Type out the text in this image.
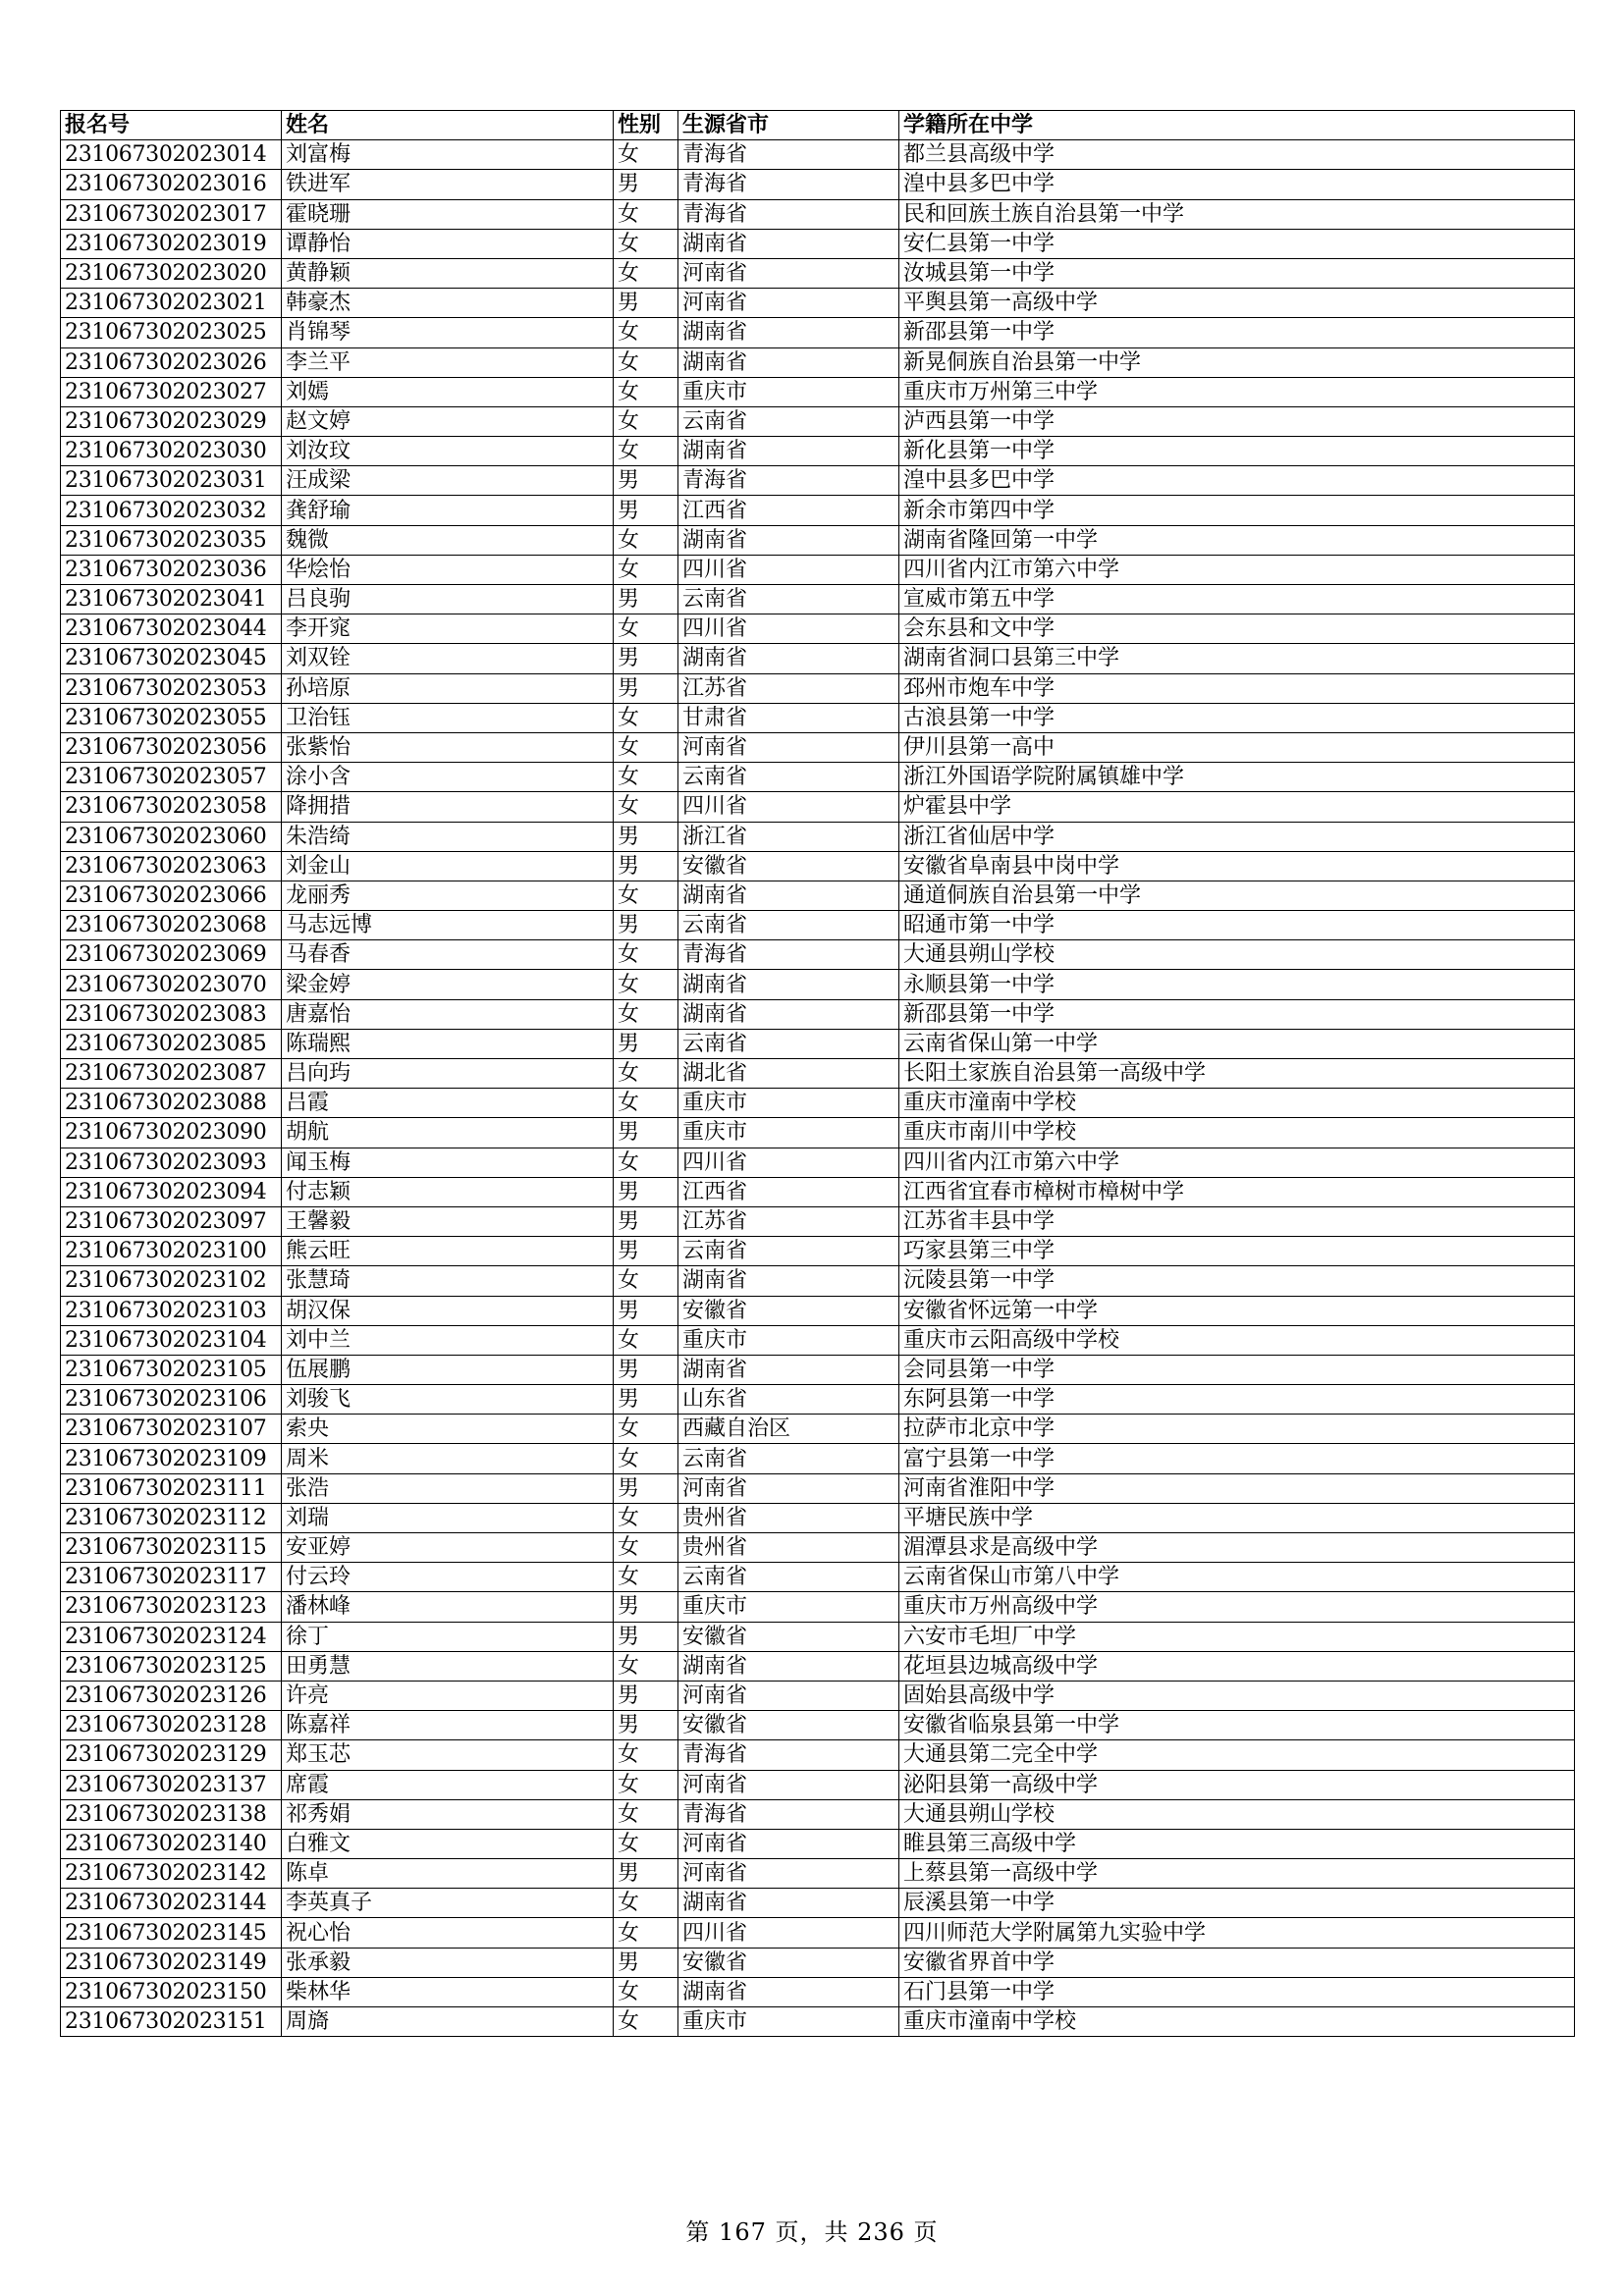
报名号	姓名	性别	生源省市	学籍所在中学
231067302023014	刘富梅	女	青海省	都兰县高级中学
231067302023016	铁进军	男	青海省	湟中县多巴中学
231067302023017	霍晓珊	女	青海省	民和回族土族自治县第一中学
231067302023019	谭静怡	女	湖南省	安仁县第一中学
231067302023020	黄静颖	女	河南省	汝城县第一中学
231067302023021	韩豪杰	男	河南省	平舆县第一高级中学
231067302023025	肖锦琴	女	湖南省	新邵县第一中学
231067302023026	李兰平	女	湖南省	新晃侗族自治县第一中学
231067302023027	刘嫣	女	重庆市	重庆市万州第三中学
231067302023029	赵文婷	女	云南省	泸西县第一中学
231067302023030	刘汝玟	女	湖南省	新化县第一中学
231067302023031	汪成梁	男	青海省	湟中县多巴中学
231067302023032	龚舒瑜	男	江西省	新余市第四中学
231067302023035	魏微	女	湖南省	湖南省隆回第一中学
231067302023036	华烩怡	女	四川省	四川省内江市第六中学
231067302023041	吕良驹	男	云南省	宣威市第五中学
231067302023044	李开窕	女	四川省	会东县和文中学
231067302023045	刘双铨	男	湖南省	湖南省洞口县第三中学
231067302023053	孙培原	男	江苏省	邳州市炮车中学
231067302023055	卫治钰	女	甘肃省	古浪县第一中学
231067302023056	张紫怡	女	河南省	伊川县第一高中
231067302023057	涂小含	女	云南省	浙江外国语学院附属镇雄中学
231067302023058	降拥措	女	四川省	炉霍县中学
231067302023060	朱浩绮	男	浙江省	浙江省仙居中学
231067302023063	刘金山	男	安徽省	安徽省阜南县中岗中学
231067302023066	龙丽秀	女	湖南省	通道侗族自治县第一中学
231067302023068	马志远博	男	云南省	昭通市第一中学
231067302023069	马春香	女	青海省	大通县朔山学校
231067302023070	梁金婷	女	湖南省	永顺县第一中学
231067302023083	唐嘉怡	女	湖南省	新邵县第一中学
231067302023085	陈瑞熙	男	云南省	云南省保山第一中学
231067302023087	吕向玙	女	湖北省	长阳土家族自治县第一高级中学
231067302023088	吕霞	女	重庆市	重庆市潼南中学校
231067302023090	胡航	男	重庆市	重庆市南川中学校
231067302023093	闻玉梅	女	四川省	四川省内江市第六中学
231067302023094	付志颖	男	江西省	江西省宜春市樟树市樟树中学
231067302023097	王馨毅	男	江苏省	江苏省丰县中学
231067302023100	熊云旺	男	云南省	巧家县第三中学
231067302023102	张慧琦	女	湖南省	沅陵县第一中学
231067302023103	胡汉保	男	安徽省	安徽省怀远第一中学
231067302023104	刘中兰	女	重庆市	重庆市云阳高级中学校
231067302023105	伍展鹏	男	湖南省	会同县第一中学
231067302023106	刘骏飞	男	山东省	东阿县第一中学
231067302023107	索央	女	西藏自治区	拉萨市北京中学
231067302023109	周米	女	云南省	富宁县第一中学
231067302023111	张浩	男	河南省	河南省淮阳中学
231067302023112	刘瑞	女	贵州省	平塘民族中学
231067302023115	安亚婷	女	贵州省	湄潭县求是高级中学
231067302023117	付云玲	女	云南省	云南省保山市第八中学
231067302023123	潘林峰	男	重庆市	重庆市万州高级中学
231067302023124	徐丁	男	安徽省	六安市毛坦厂中学
231067302023125	田勇慧	女	湖南省	花垣县边城高级中学
231067302023126	许亮	男	河南省	固始县高级中学
231067302023128	陈嘉祥	男	安徽省	安徽省临泉县第一中学
231067302023129	郑玉芯	女	青海省	大通县第二完全中学
231067302023137	席霞	女	河南省	泌阳县第一高级中学
231067302023138	祁秀娟	女	青海省	大通县朔山学校
231067302023140	白雅文	女	河南省	睢县第三高级中学
231067302023142	陈卓	男	河南省	上蔡县第一高级中学
231067302023144	李英真子	女	湖南省	辰溪县第一中学
231067302023145	祝心怡	女	四川省	四川师范大学附属第九实验中学
231067302023149	张承毅	男	安徽省	安徽省界首中学
231067302023150	柴林华	女	湖南省	石门县第一中学
231067302023151	周旖	女	重庆市	重庆市潼南中学校
第 167 页，共 236 页
